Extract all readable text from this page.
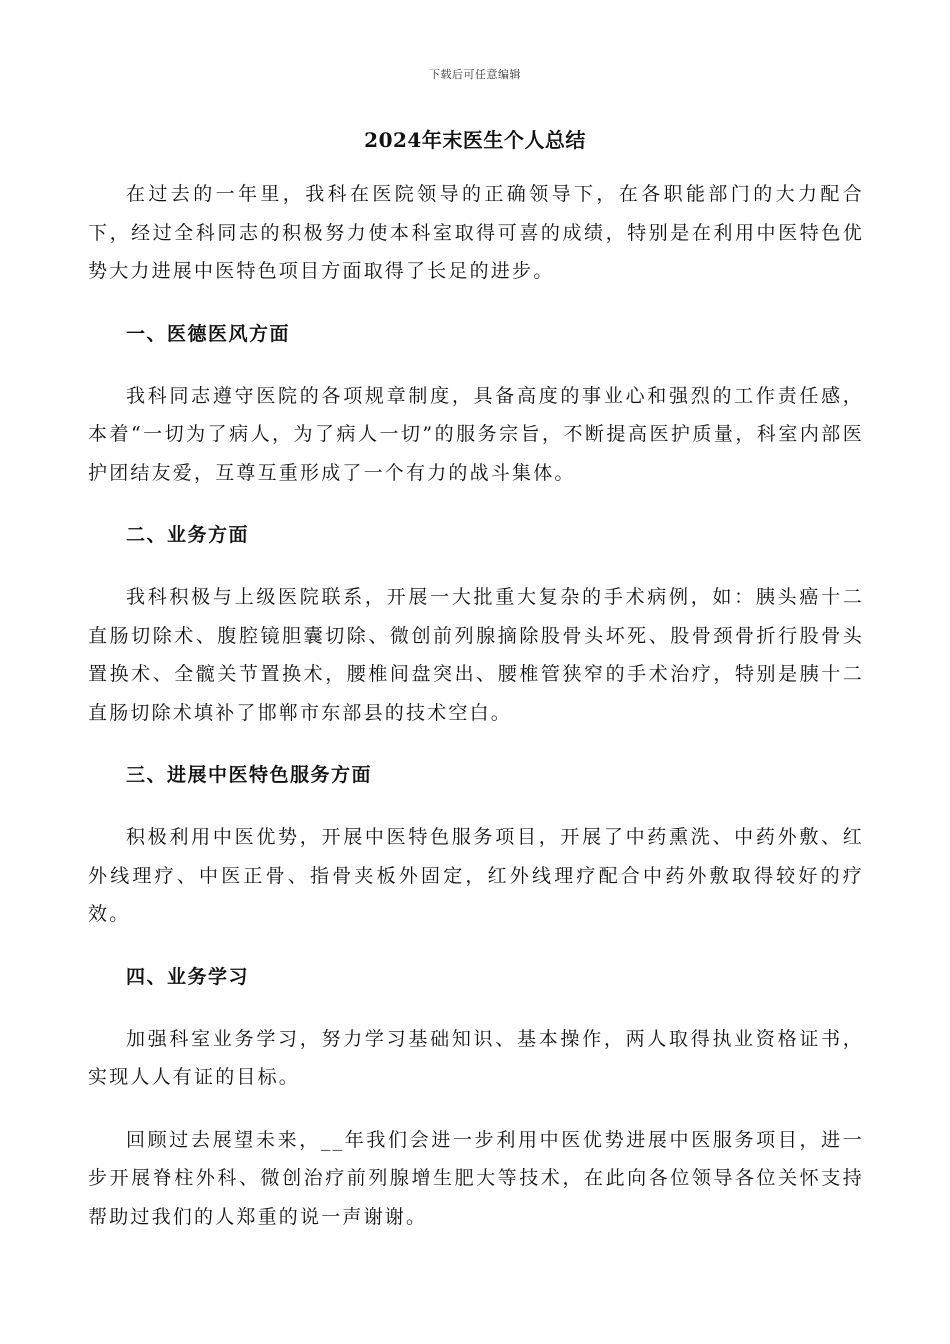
下载后可任意编辑
2024年末医生个人总结

在过去的一年里，我科在医院领导的正确领导下，在各职能部门的大力配合下，经过全科同志的积极努力使本科室取得可喜的成绩，特别是在利用中医特色优势大力进展中医特色项目方面取得了长足的进步。

一、医德医风方面

我科同志遵守医院的各项规章制度，具备高度的事业心和强烈的工作责任感，本着“一切为了病人，为了病人一切”的服务宗旨，不断提高医护质量，科室内部医护团结友爱，互尊互重形成了一个有力的战斗集体。

二、业务方面

我科积极与上级医院联系，开展一大批重大复杂的手术病例，如：胰头癌十二直肠切除术、腹腔镜胆囊切除、微创前列腺摘除股骨头坏死、股骨颈骨折行股骨头置换术、全髋关节置换术，腰椎间盘突出、腰椎管狭窄的手术治疗，特别是胰十二直肠切除术填补了邯郸市东部县的技术空白。

三、进展中医特色服务方面

积极利用中医优势，开展中医特色服务项目，开展了中药熏洗、中药外敷、红外线理疗、中医正骨、指骨夹板外固定，红外线理疗配合中药外敷取得较好的疗效。

四、业务学习

加强科室业务学习，努力学习基础知识、基本操作，两人取得执业资格证书，实现人人有证的目标。

回顾过去展望未来，__年我们会进一步利用中医优势进展中医服务项目，进一步开展脊柱外科、微创治疗前列腺增生肥大等技术，在此向各位领导各位关怀支持帮助过我们的人郑重的说一声谢谢。
